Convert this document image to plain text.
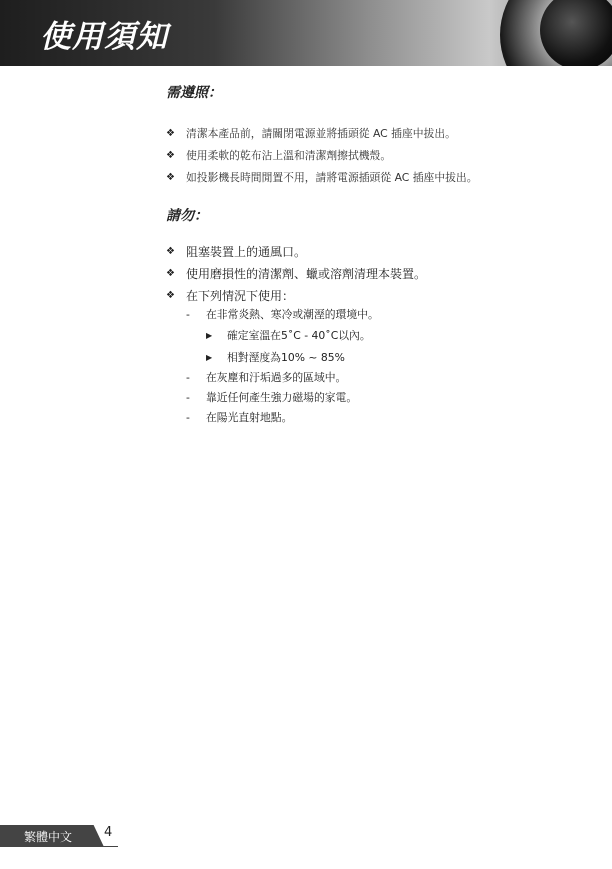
使用須知
需遵照：
❖	清潔本產品前，請關閉電源並將插頭從 AC 插座中拔出。
❖	使用柔軟的乾布沾上溫和清潔劑擦拭機殼。
❖	如投影機長時間閒置不用，請將電源插頭從 AC 插座中拔出。
請勿：
❖ 阻塞裝置上的通風口。
❖ 使用磨損性的清潔劑、蠟或溶劑清理本裝置。
❖ 在下列情況下使用：
-	在非常炎熱、寒冷或潮溼的環境中。
▶	確定室溫在5˚C - 40˚C以內。
▶	相對溼度為10% ~ 85%
-	在灰塵和汙垢過多的區域中。
-	靠近任何產生強力磁場的家電。
-	在陽光直射地點。
繁體中文 4
